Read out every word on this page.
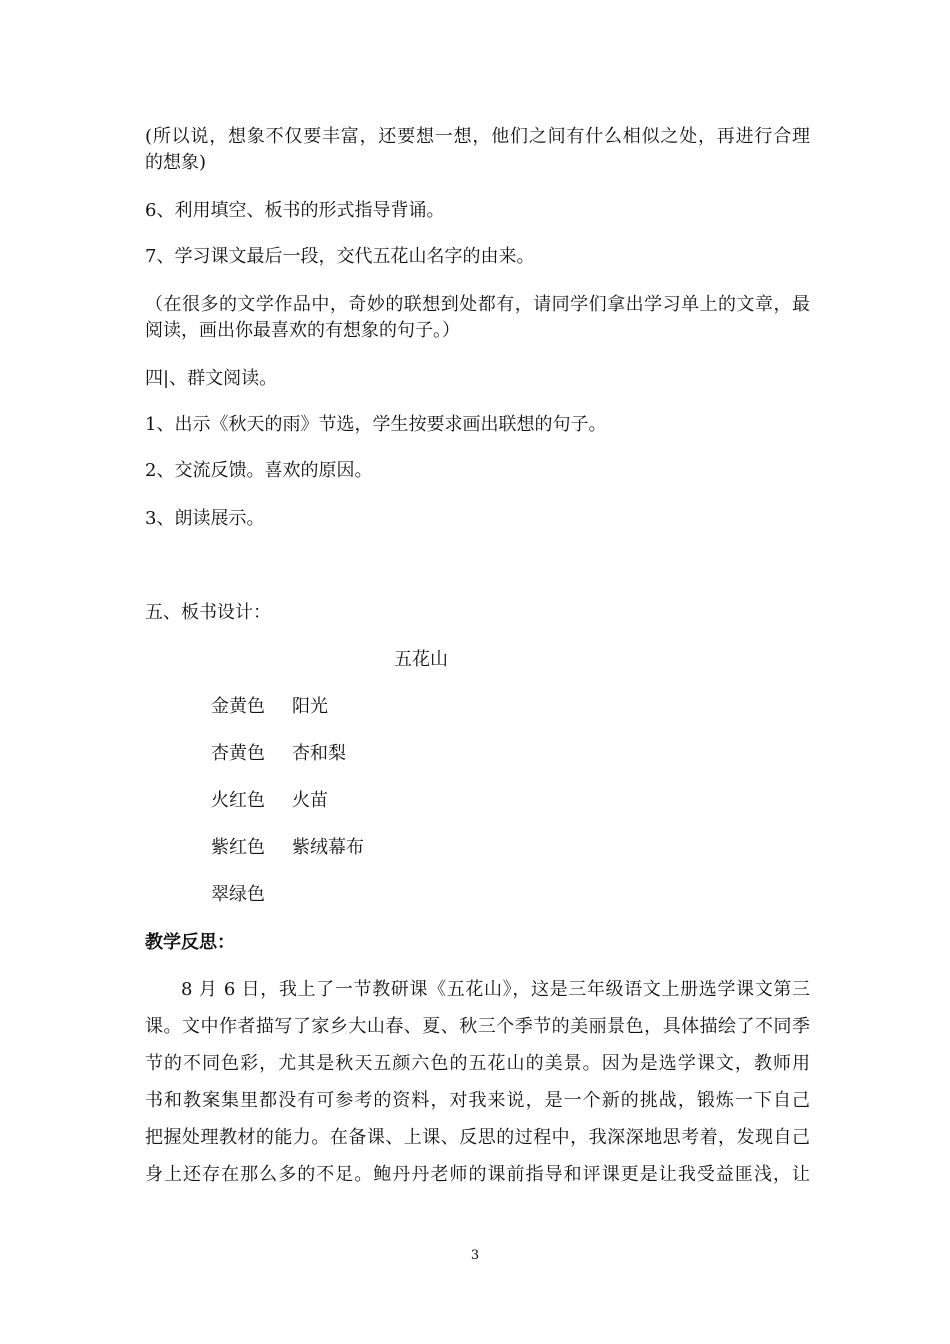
(所以说，想象不仅要丰富，还要想一想，他们之间有什么相似之处，再进行合理
的想象)
6、利用填空、板书的形式指导背诵。
7、学习课文最后一段，交代五花山名字的由来。
（在很多的文学作品中，奇妙的联想到处都有，请同学们拿出学习单上的文章，最
阅读，画出你最喜欢的有想象的句子。）
四|、群文阅读。
1、出示《秋天的雨》节选，学生按要求画出联想的句子。
2、交流反馈。喜欢的原因。
3、朗读展示。
五、板书设计：
五花山
金黄色 阳光
杏黄色 杏和梨
火红色 火苗
紫红色 紫绒幕布
翠绿色
教学反思：
8 月 6 日，我上了一节教研课《五花山》，这是三年级语文上册选学课文第三
课。文中作者描写了家乡大山春、夏、秋三个季节的美丽景色，具体描绘了不同季
节的不同色彩，尤其是秋天五颜六色的五花山的美景。因为是选学课文，教师用
书和教案集里都没有可参考的资料，对我来说，是一个新的挑战，锻炼一下自己
把握处理教材的能力。在备课、上课、反思的过程中，我深深地思考着，发现自己
身上还存在那么多的不足。鲍丹丹老师的课前指导和评课更是让我受益匪浅，让
3
